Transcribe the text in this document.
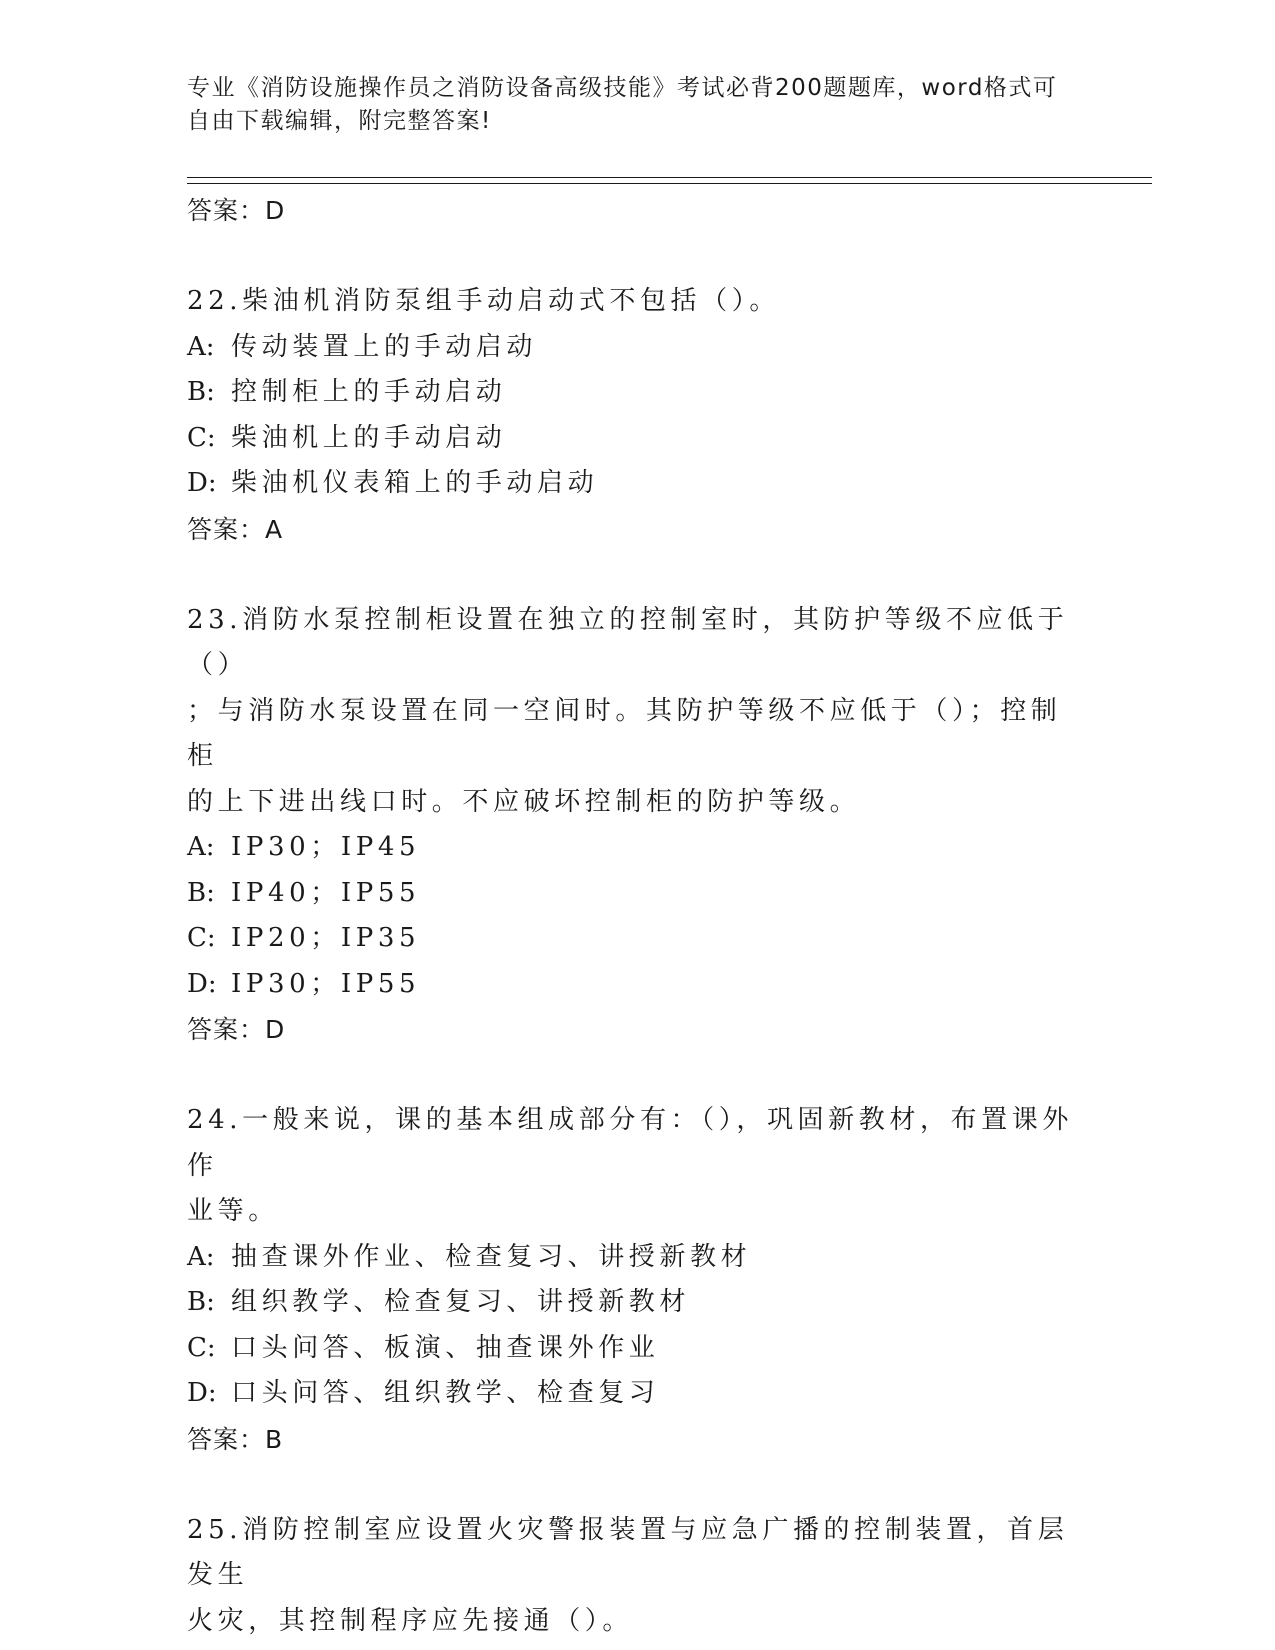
专业《消防设施操作员之消防设备高级技能》考试必背200题题库，word格式可
自由下载编辑，附完整答案!
答案：D
22.柴油机消防泵组手动启动式不包括（）。
A: 传动装置上的手动启动
B: 控制柜上的手动启动
C: 柴油机上的手动启动
D: 柴油机仪表箱上的手动启动
答案：A
23.消防水泵控制柜设置在独立的控制室时，其防护等级不应低于（）
；与消防水泵设置在同一空间时。其防护等级不应低于（）；控制柜
的上下进出线口时。不应破坏控制柜的防护等级。
A: IP30；IP45
B: IP40；IP55
C: IP20；IP35
D: IP30；IP55
答案：D
24.一般来说，课的基本组成部分有：（），巩固新教材，布置课外作
业等。
A: 抽查课外作业、检查复习、讲授新教材
B: 组织教学、检查复习、讲授新教材
C: 口头问答、板演、抽查课外作业
D: 口头问答、组织教学、检查复习
答案：B
25.消防控制室应设置火灾警报装置与应急广播的控制装置，首层发生
火灾，其控制程序应先接通（）。
